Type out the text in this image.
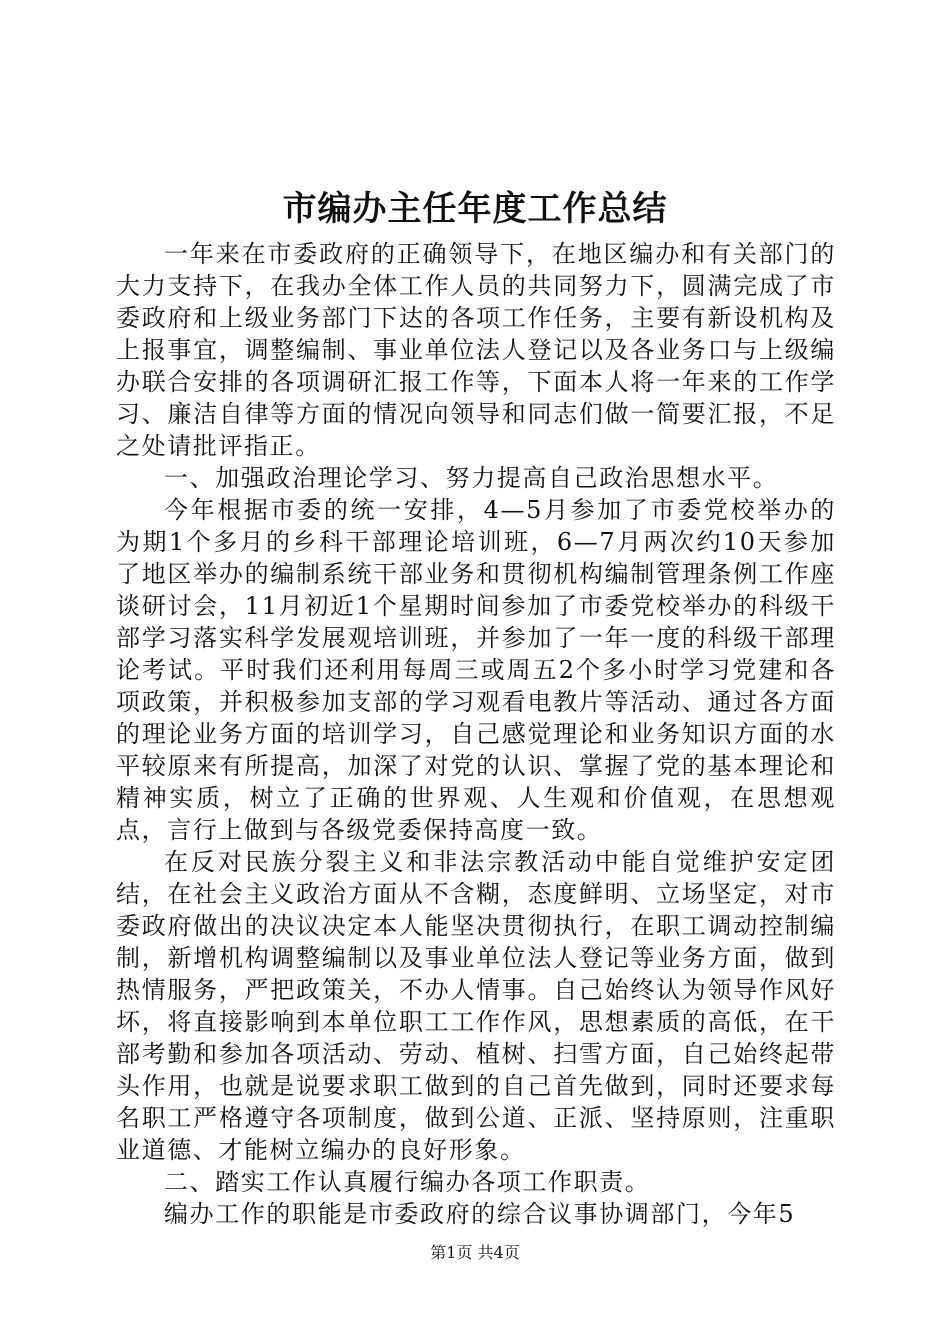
市编办主任年度工作总结

一年来在市委政府的正确领导下，在地区编办和有关部门的大力支持下，在我办全体工作人员的共同努力下，圆满完成了市委政府和上级业务部门下达的各项工作任务，主要有新设机构及上报事宜，调整编制、事业单位法人登记以及各业务口与上级编办联合安排的各项调研汇报工作等，下面本人将一年来的工作学习、廉洁自律等方面的情况向领导和同志们做一简要汇报，不足之处请批评指正。

一、加强政治理论学习、努力提高自己政治思想水平。

今年根据市委的统一安排，4—5月参加了市委党校举办的为期1个多月的乡科干部理论培训班，6—7月两次约10天参加了地区举办的编制系统干部业务和贯彻机构编制管理条例工作座谈研讨会，11月初近1个星期时间参加了市委党校举办的科级干部学习落实科学发展观培训班，并参加了一年一度的科级干部理论考试。平时我们还利用每周三或周五2个多小时学习党建和各项政策，并积极参加支部的学习观看电教片等活动、通过各方面的理论业务方面的培训学习，自己感觉理论和业务知识方面的水平较原来有所提高，加深了对党的认识、掌握了党的基本理论和精神实质，树立了正确的世界观、人生观和价值观，在思想观点，言行上做到与各级党委保持高度一致。

在反对民族分裂主义和非法宗教活动中能自觉维护安定团结，在社会主义政治方面从不含糊，态度鲜明、立场坚定，对市委政府做出的决议决定本人能坚决贯彻执行，在职工调动控制编制，新增机构调整编制以及事业单位法人登记等业务方面，做到热情服务，严把政策关，不办人情事。自己始终认为领导作风好坏，将直接影响到本单位职工工作作风，思想素质的高低，在干部考勤和参加各项活动、劳动、植树、扫雪方面，自己始终起带头作用，也就是说要求职工做到的自己首先做到，同时还要求每名职工严格遵守各项制度，做到公道、正派、坚持原则，注重职业道德、才能树立编办的良好形象。

二、踏实工作认真履行编办各项工作职责。

编办工作的职能是市委政府的综合议事协调部门，今年5

第1页 共4页
